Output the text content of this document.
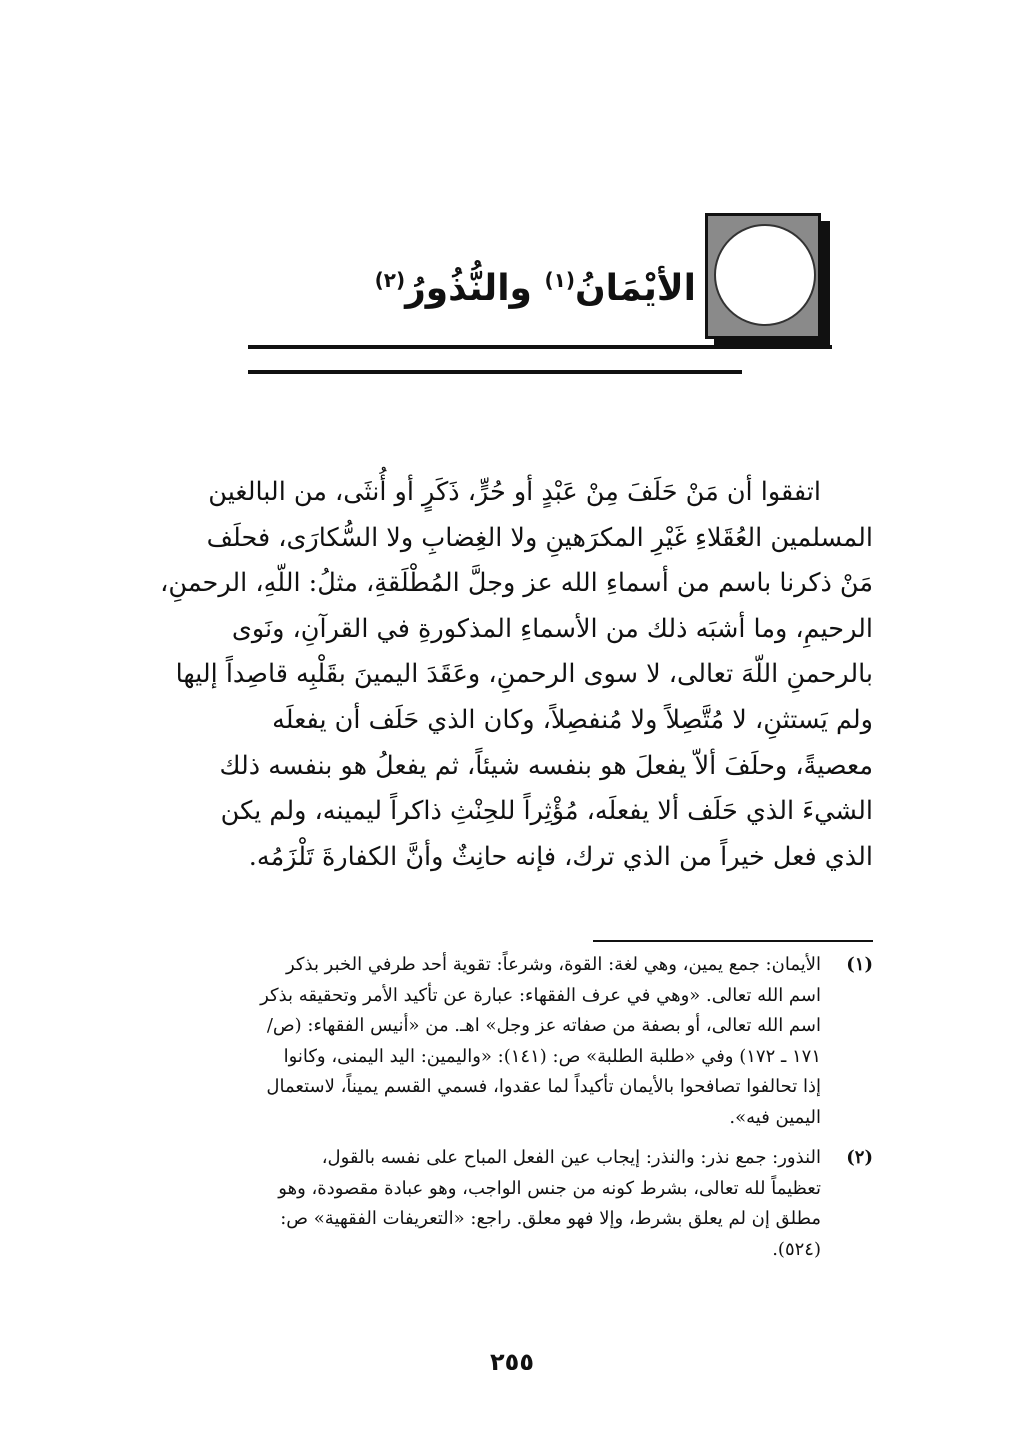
الأيْمَانُ$^{(١)}$ والنُّذُورُ$^{(٢)}$
اتفقوا أن مَنْ حَلَفَ مِنْ عَبْدٍ أو حُرٍّ، ذَكَرٍ أو أُنثَى، من البالغين
المسلمين العُقَلاءِ غَيْرِ المكرَهينِ ولا الغِضابِ ولا السُّكارَى، فحلَف
مَنْ ذكرنا باسم من أسماءِ الله عز وجلَّ المُطْلَقةِ، مثلُ: اللّهِ، الرحمنِ،
الرحيمِ، وما أشبَه ذلك من الأسماءِ المذكورةِ في القرآنِ، ونَوى
بالرحمنِ اللّهَ تعالى، لا سوى الرحمنِ، وعَقَدَ اليمينَ بقَلْبِه قاصِداً إليها
ولم يَستثنِ، لا مُتَّصِلاً ولا مُنفصِلاً، وكان الذي حَلَف أن يفعلَه
معصيةً، وحلَفَ ألاّ يفعلَ هو بنفسه شيئاً، ثم يفعلُ هو بنفسه ذلك
الشيءَ الذي حَلَف ألا يفعلَه، مُؤْثِراً للحِنْثِ ذاكراً ليمينه، ولم يكن
الذي فعل خيراً من الذي ترك، فإنه حانِثٌ وأنَّ الكفارةَ تَلْزَمُه.
(١)
الأيمان: جمع يمين، وهي لغة: القوة، وشرعاً: تقوية أحد طرفي الخبر بذكر
اسم الله تعالى. «وهي في عرف الفقهاء: عبارة عن تأكيد الأمر وتحقيقه بذكر
اسم الله تعالى، أو بصفة من صفاته عز وجل» اهـ. من «أنيس الفقهاء: (ص/
١٧١ ـ ١٧٢) وفي «طلبة الطلبة» ص: (١٤١): «واليمين: اليد اليمنى، وكانوا
إذا تحالفوا تصافحوا بالأيمان تأكيداً لما عقدوا، فسمي القسم يميناً، لاستعمال
اليمين فيه».
(٢)
النذور: جمع نذر: والنذر: إيجاب عين الفعل المباح على نفسه بالقول،
تعظيماً لله تعالى، بشرط كونه من جنس الواجب، وهو عبادة مقصودة، وهو
مطلق إن لم يعلق بشرط، وإلا فهو معلق. راجع: «التعريفات الفقهية» ص:
(٥٢٤).
٢٥٥
